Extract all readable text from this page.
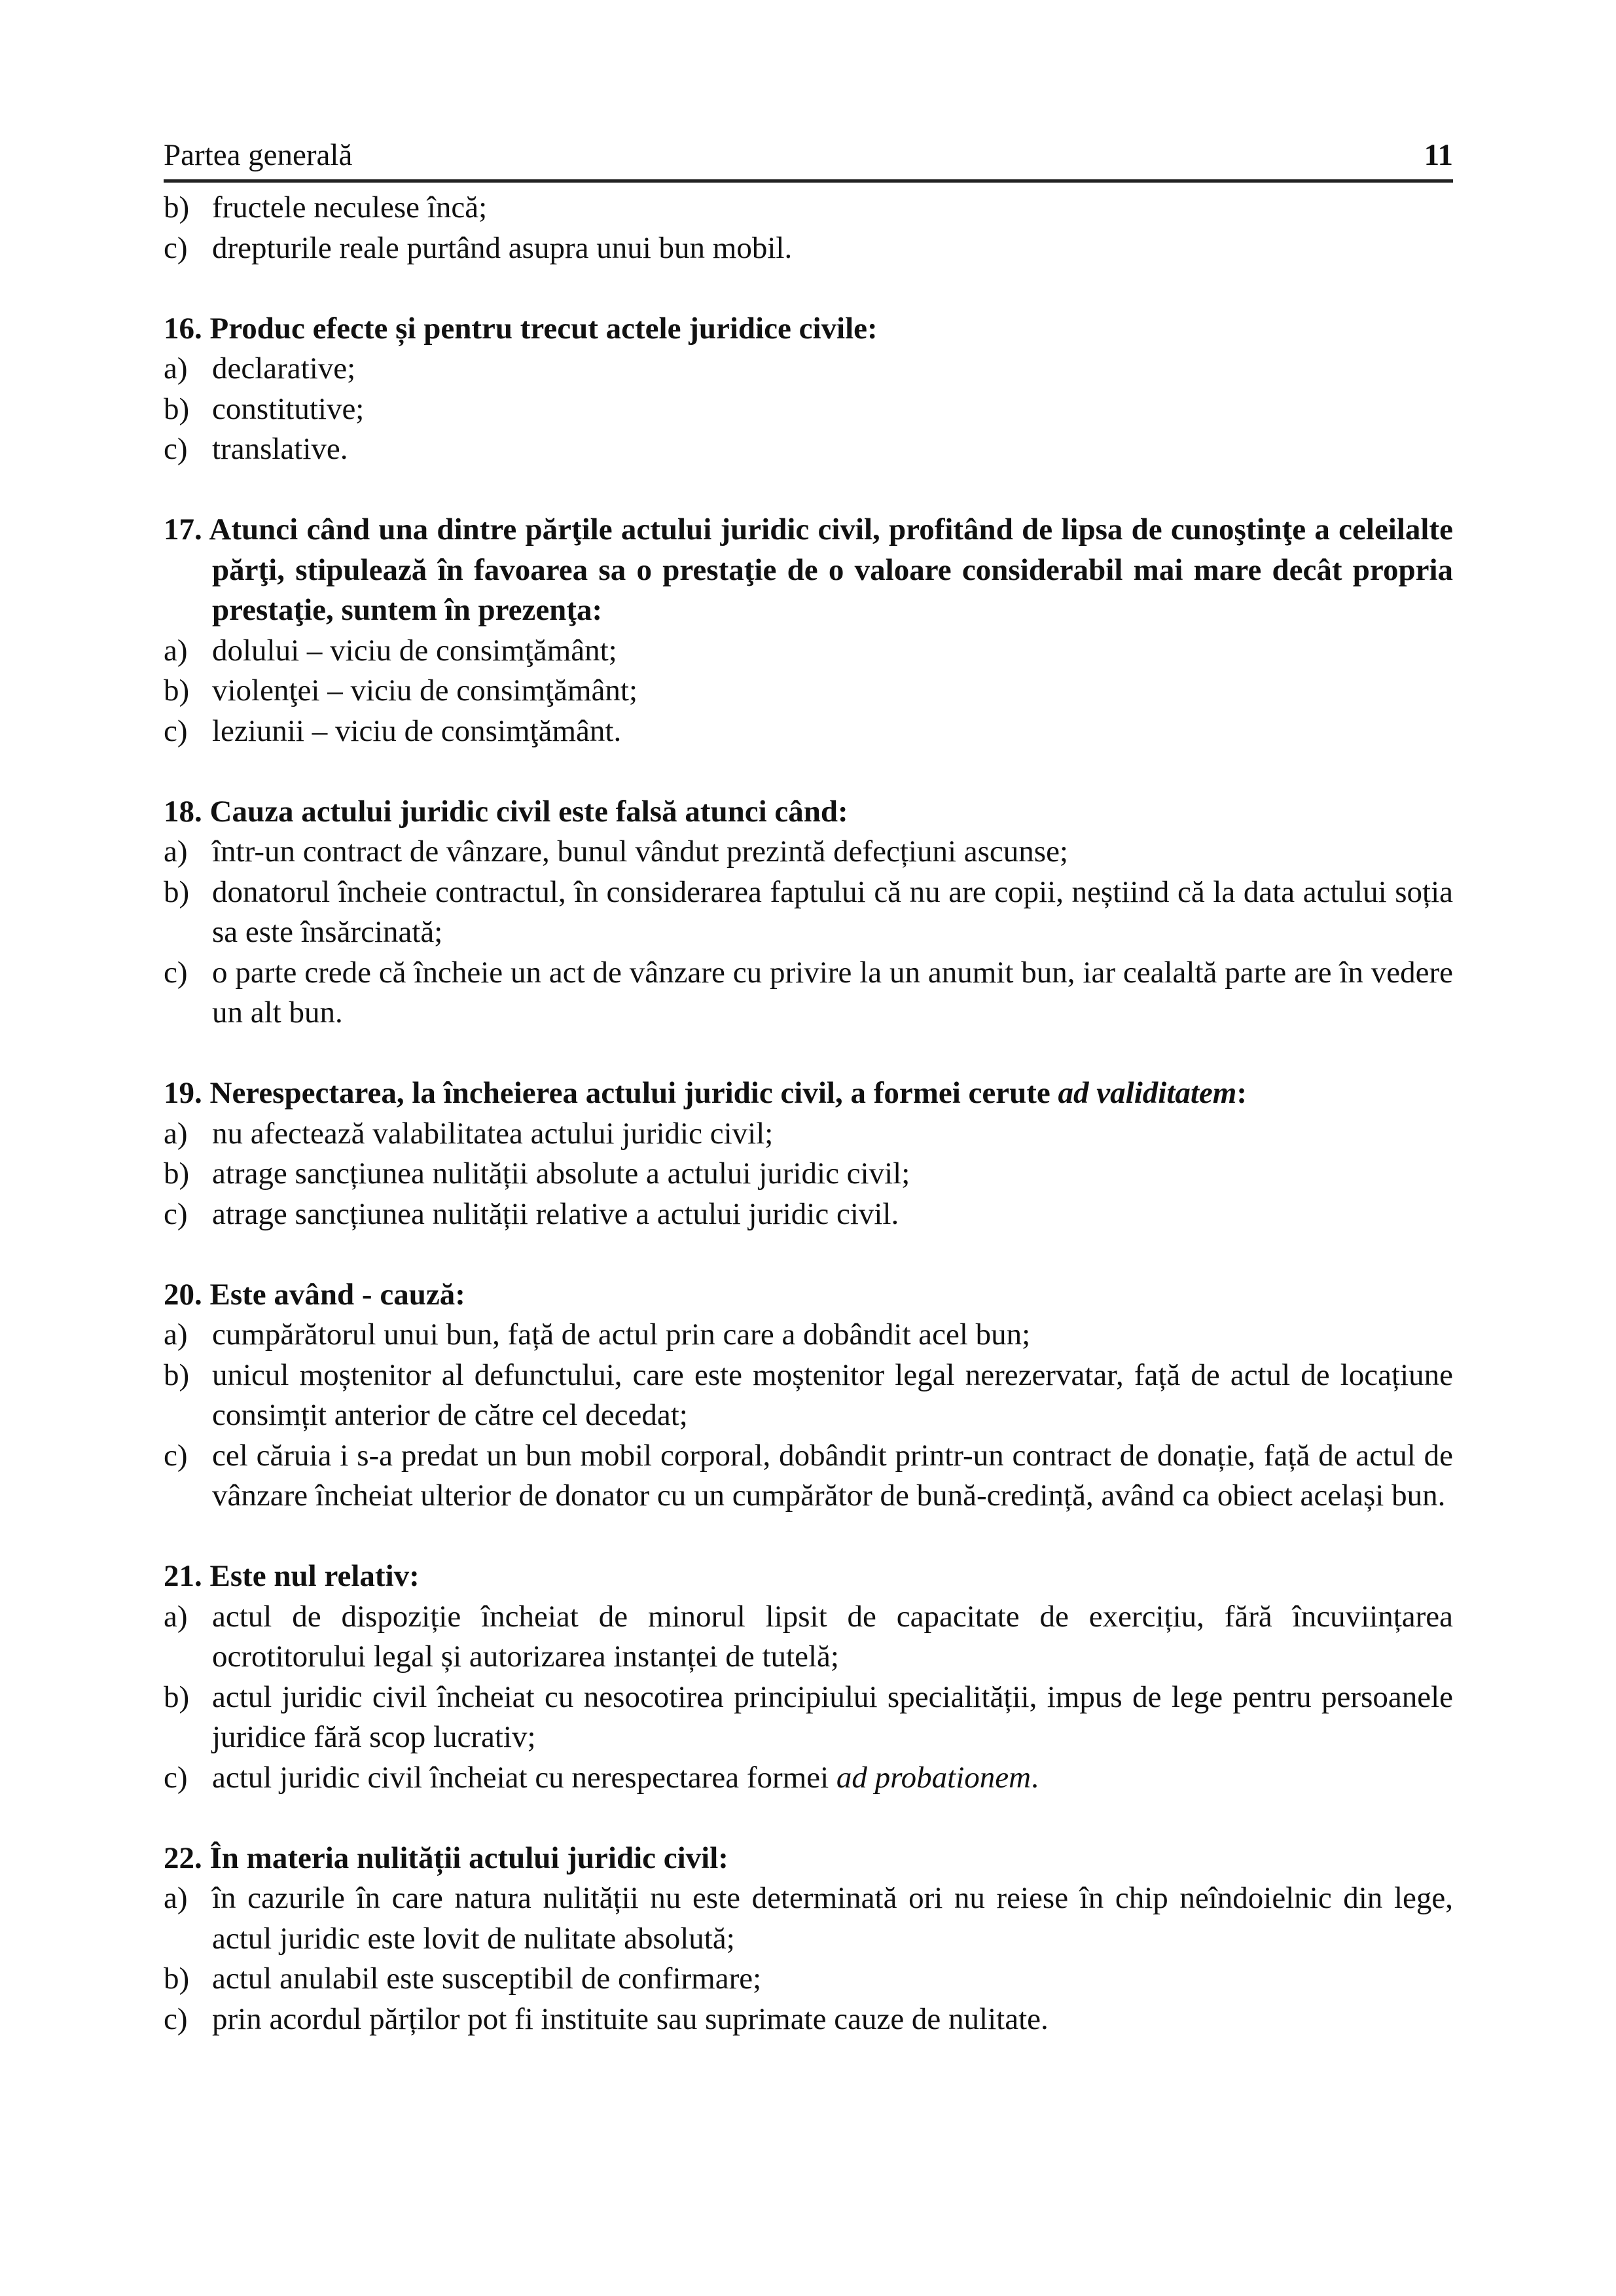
Partea generală	11
b) fructele neculese încă;
c) drepturile reale purtând asupra unui bun mobil.
16. Produc efecte și pentru trecut actele juridice civile:
a) declarative;
b) constitutive;
c) translative.
17. Atunci când una dintre părţile actului juridic civil, profitând de lipsa de cunoştinţe a celeilalte părţi, stipulează în favoarea sa o prestaţie de o valoare considerabil mai mare decât propria prestaţie, suntem în prezenţa:
a) dolului – viciu de consimţământ;
b) violenţei – viciu de consimţământ;
c) leziunii – viciu de consimţământ.
18. Cauza actului juridic civil este falsă atunci când:
a) într-un contract de vânzare, bunul vândut prezintă defecțiuni ascunse;
b) donatorul încheie contractul, în considerarea faptului că nu are copii, neștiind că la data actului soția sa este însărcinată;
c) o parte crede că încheie un act de vânzare cu privire la un anumit bun, iar cealaltă parte are în vedere un alt bun.
19. Nerespectarea, la încheierea actului juridic civil, a formei cerute ad validitatem:
a) nu afectează valabilitatea actului juridic civil;
b) atrage sancțiunea nulității absolute a actului juridic civil;
c) atrage sancțiunea nulității relative a actului juridic civil.
20. Este având - cauză:
a) cumpărătorul unui bun, față de actul prin care a dobândit acel bun;
b) unicul moștenitor al defunctului, care este moștenitor legal nerezervatar, față de actul de locațiune consimțit anterior de către cel decedat;
c) cel căruia i s-a predat un bun mobil corporal, dobândit printr-un contract de donație, față de actul de vânzare încheiat ulterior de donator cu un cumpărător de bună-credință, având ca obiect același bun.
21. Este nul relativ:
a) actul de dispoziție încheiat de minorul lipsit de capacitate de exercițiu, fără încuviințarea ocrotitorului legal și autorizarea instanței de tutelă;
b) actul juridic civil încheiat cu nesocotirea principiului specialității, impus de lege pentru persoanele juridice fără scop lucrativ;
c) actul juridic civil încheiat cu nerespectarea formei ad probationem.
22. În materia nulității actului juridic civil:
a) în cazurile în care natura nulității nu este determinată ori nu reiese în chip neîndoielnic din lege, actul juridic este lovit de nulitate absolută;
b) actul anulabil este susceptibil de confirmare;
c) prin acordul părților pot fi instituite sau suprimate cauze de nulitate.
